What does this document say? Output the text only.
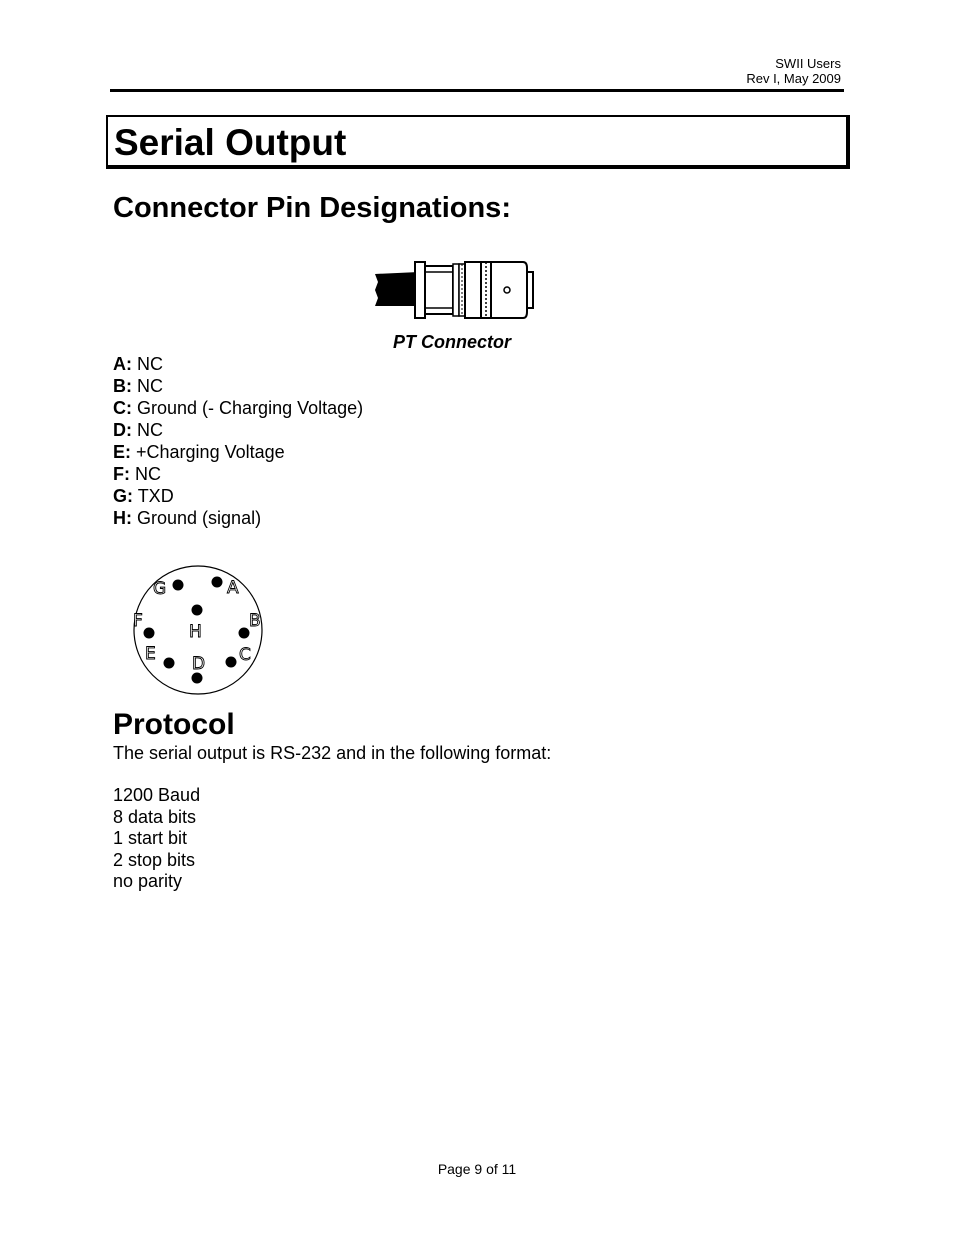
SWII Users
Rev I, May 2009
Serial Output
Connector Pin Designations:
PT Connector
A: NC
B: NC
C: Ground (- Charging Voltage)
D: NC
E: +Charging Voltage
F: NC
G: TXD
H: Ground (signal)
G	A
H
F	B
E	C
D
Protocol
The serial output is RS-232 and in the following format:
1200 Baud
8 data bits
1 start bit
2 stop bits
no parity
Page 9 of 11
